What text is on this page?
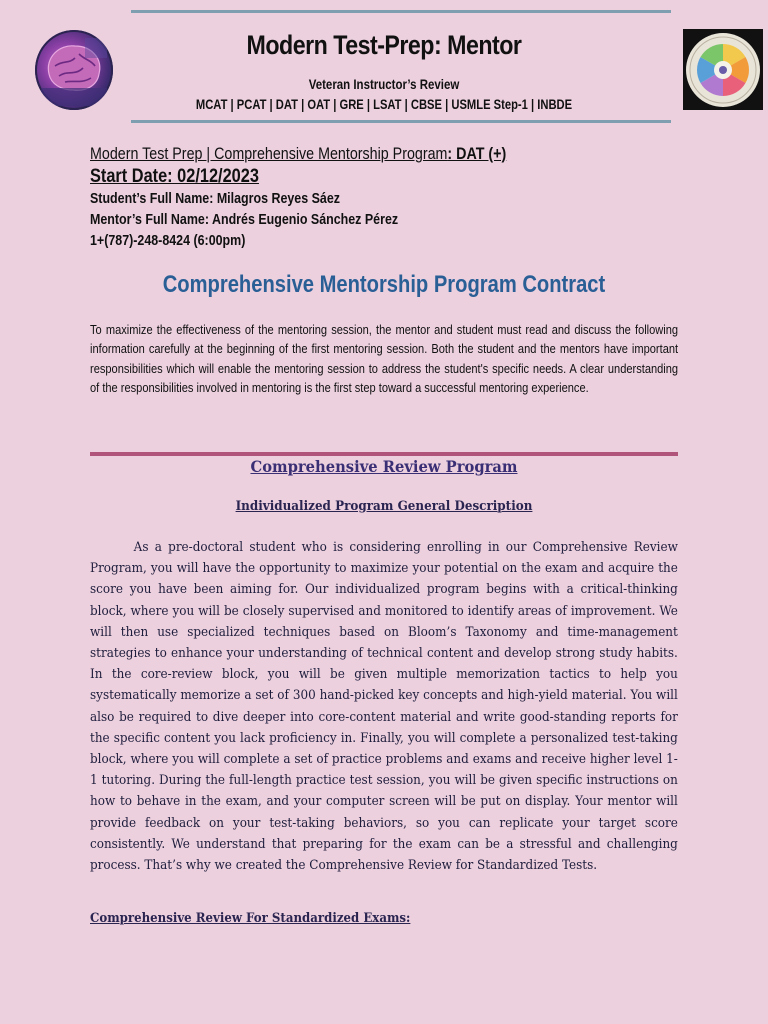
Modern Test-Prep: Mentor
Veteran Instructor’s Review
MCAT | PCAT | DAT | OAT | GRE | LSAT | CBSE | USMLE Step-1 | INBDE
Modern Test Prep | Comprehensive Mentorship Program: DAT (+)
Start Date: 02/12/2023
Student’s Full Name: Milagros Reyes Sáez
Mentor’s Full Name: Andrés Eugenio Sánchez Pérez
1+(787)-248-8424 (6:00pm)
Comprehensive Mentorship Program Contract
To maximize the effectiveness of the mentoring session, the mentor and student must read and discuss the following information carefully at the beginning of the first mentoring session. Both the student and the mentors have important responsibilities which will enable the mentoring session to address the student's specific needs. A clear understanding of the responsibilities involved in mentoring is the first step toward a successful mentoring experience.
Comprehensive Review Program
Individualized Program General Description
As a pre-doctoral student who is considering enrolling in our Comprehensive Review Program, you will have the opportunity to maximize your potential on the exam and acquire the score you have been aiming for. Our individualized program begins with a critical-thinking block, where you will be closely supervised and monitored to identify areas of improvement. We will then use specialized techniques based on Bloom’s Taxonomy and time-management strategies to enhance your understanding of technical content and develop strong study habits. In the core-review block, you will be given multiple memorization tactics to help you systematically memorize a set of 300 hand-picked key concepts and high-yield material. You will also be required to dive deeper into core-content material and write good-standing reports for the specific content you lack proficiency in. Finally, you will complete a personalized test-taking block, where you will complete a set of practice problems and exams and receive higher level 1-1 tutoring. During the full-length practice test session, you will be given specific instructions on how to behave in the exam, and your computer screen will be put on display. Your mentor will provide feedback on your test-taking behaviors, so you can replicate your target score consistently. We understand that preparing for the exam can be a stressful and challenging process. That’s why we created the Comprehensive Review for Standardized Tests.
Comprehensive Review For Standardized Exams:
